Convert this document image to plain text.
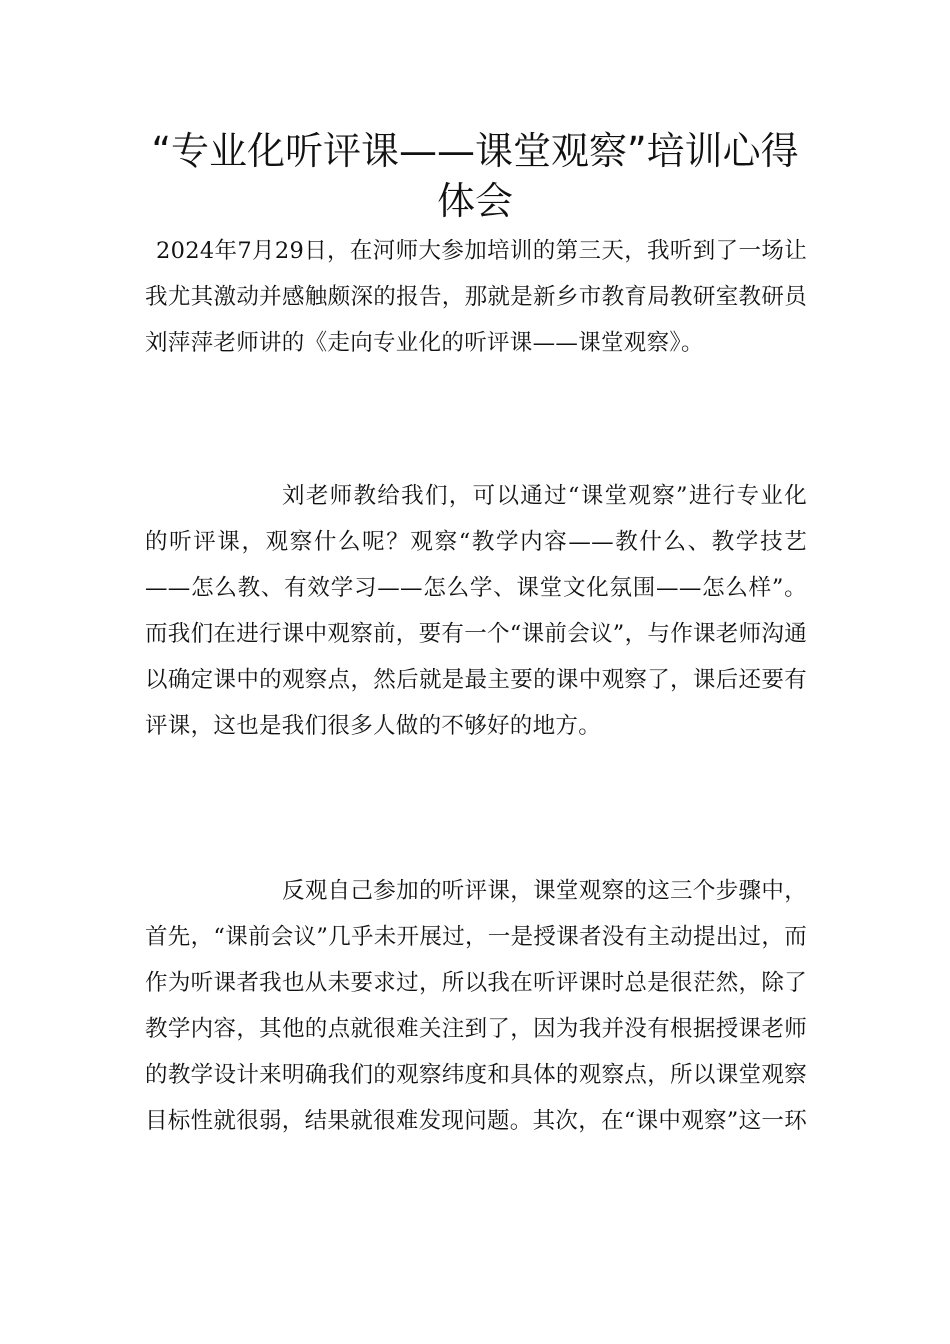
“专业化听评课——课堂观察”培训心得体会

2024年7月29日，在河师大参加培训的第三天，我听到了一场让我尤其激动并感触颇深的报告，那就是新乡市教育局教研室教研员刘萍萍老师讲的《走向专业化的听评课——课堂观察》。

刘老师教给我们，可以通过“课堂观察”进行专业化的听评课，观察什么呢？观察“教学内容——教什么、教学技艺——怎么教、有效学习——怎么学、课堂文化氛围——怎么样”。而我们在进行课中观察前，要有一个“课前会议”，与作课老师沟通以确定课中的观察点，然后就是最主要的课中观察了，课后还要有评课，这也是我们很多人做的不够好的地方。

反观自己参加的听评课，课堂观察的这三个步骤中，首先，“课前会议”几乎未开展过，一是授课者没有主动提出过，而作为听课者我也从未要求过，所以我在听评课时总是很茫然，除了教学内容，其他的点就很难关注到了，因为我并没有根据授课老师的教学设计来明确我们的观察纬度和具体的观察点，所以课堂观察目标性就很弱，结果就很难发现问题。其次，在“课中观察”这一环
